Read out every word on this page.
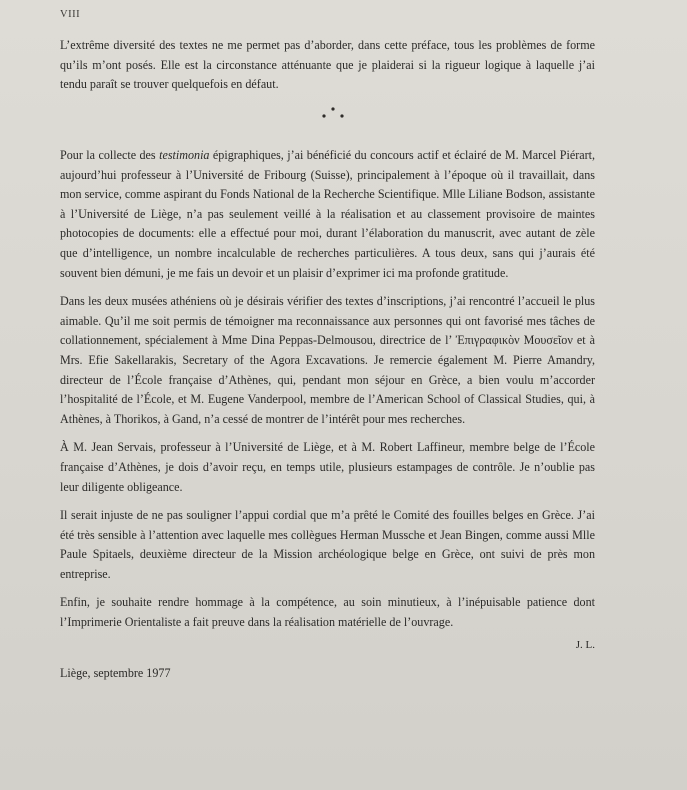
VIII

L’extrême diversité des textes ne me permet pas d’aborder, dans cette préface, tous les problèmes de forme qu’ils m’ont posés. Elle est la circonstance atténuante que je plaiderai si la rigueur logique à laquelle j’ai tendu paraît se trouver quelquefois en défaut.

Pour la collecte des testimonia épigraphiques, j’ai bénéficié du concours actif et éclairé de M. Marcel Piérart, aujourd’hui professeur à l’Université de Fribourg (Suisse), principalement à l’époque où il travaillait, dans mon service, comme aspirant du Fonds National de la Recherche Scientifique. Mlle Liliane Bodson, assistante à l’Université de Liège, n’a pas seulement veillé à la réalisation et au classement provisoire de maintes photocopies de documents: elle a effectué pour moi, durant l’élaboration du manuscrit, avec autant de zèle que d’intelligence, un nombre incalculable de recherches particulières. A tous deux, sans qui j’aurais été souvent bien démuni, je me fais un devoir et un plaisir d’exprimer ici ma profonde gratitude.

Dans les deux musées athéniens où je désirais vérifier des textes d’inscriptions, j’ai rencontré l’accueil le plus aimable. Qu’il me soit permis de témoigner ma reconnaissance aux personnes qui ont favorisé mes tâches de collationnement, spécialement à Mme Dina Peppas-Delmousou, directrice de l’ Ἐπιγραφικὸν Μουσεῖον et à Mrs. Efie Sakellarakis, Secretary of the Agora Excavations. Je remercie également M. Pierre Amandry, directeur de l’École française d’Athènes, qui, pendant mon séjour en Grèce, a bien voulu m’accorder l’hospitalité de l’École, et M. Eugene Vanderpool, membre de l’American School of Classical Studies, qui, à Athènes, à Thorikos, à Gand, n’a cessé de montrer de l’intérêt pour mes recherches.

À M. Jean Servais, professeur à l’Université de Liège, et à M. Robert Laffineur, membre belge de l’École française d’Athènes, je dois d’avoir reçu, en temps utile, plusieurs estampages de contrôle. Je n’oublie pas leur diligente obligeance.

Il serait injuste de ne pas souligner l’appui cordial que m’a prêté le Comité des fouilles belges en Grèce. J’ai été très sensible à l’attention avec laquelle mes collègues Herman Mussche et Jean Bingen, comme aussi Mlle Paule Spitaels, deuxième directeur de la Mission archéologique belge en Grèce, ont suivi de près mon entreprise.

Enfin, je souhaite rendre hommage à la compétence, au soin minutieux, à l’inépuisable patience dont l’Imprimerie Orientaliste a fait preuve dans la réalisation matérielle de l’ouvrage.

J. L.

Liège, septembre 1977
